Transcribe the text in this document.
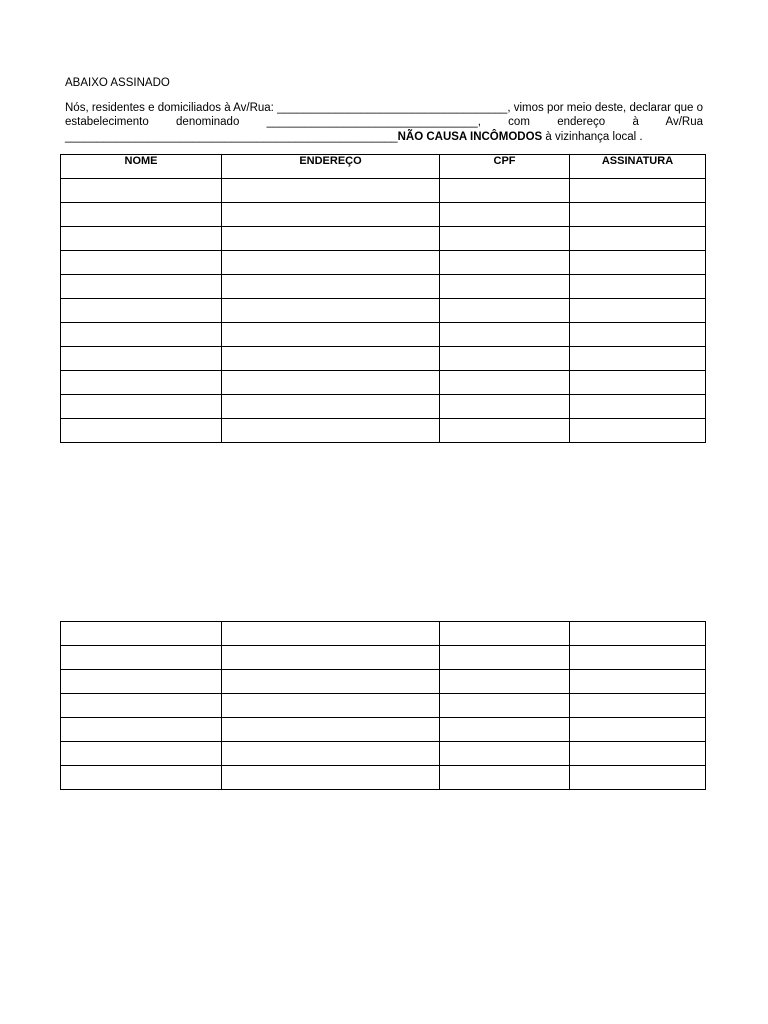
ABAIXO ASSINADO
Nós, residentes e domiciliados à Av/Rua: ____________________________________, vimos por meio deste, declarar que o estabelecimento denominado _________________________________, com endereço à Av/Rua ____________________________________________________NÃO CAUSA INCÔMODOS à vizinhança local .
NOME	ENDEREÇO	CPF	ASSINATURA
